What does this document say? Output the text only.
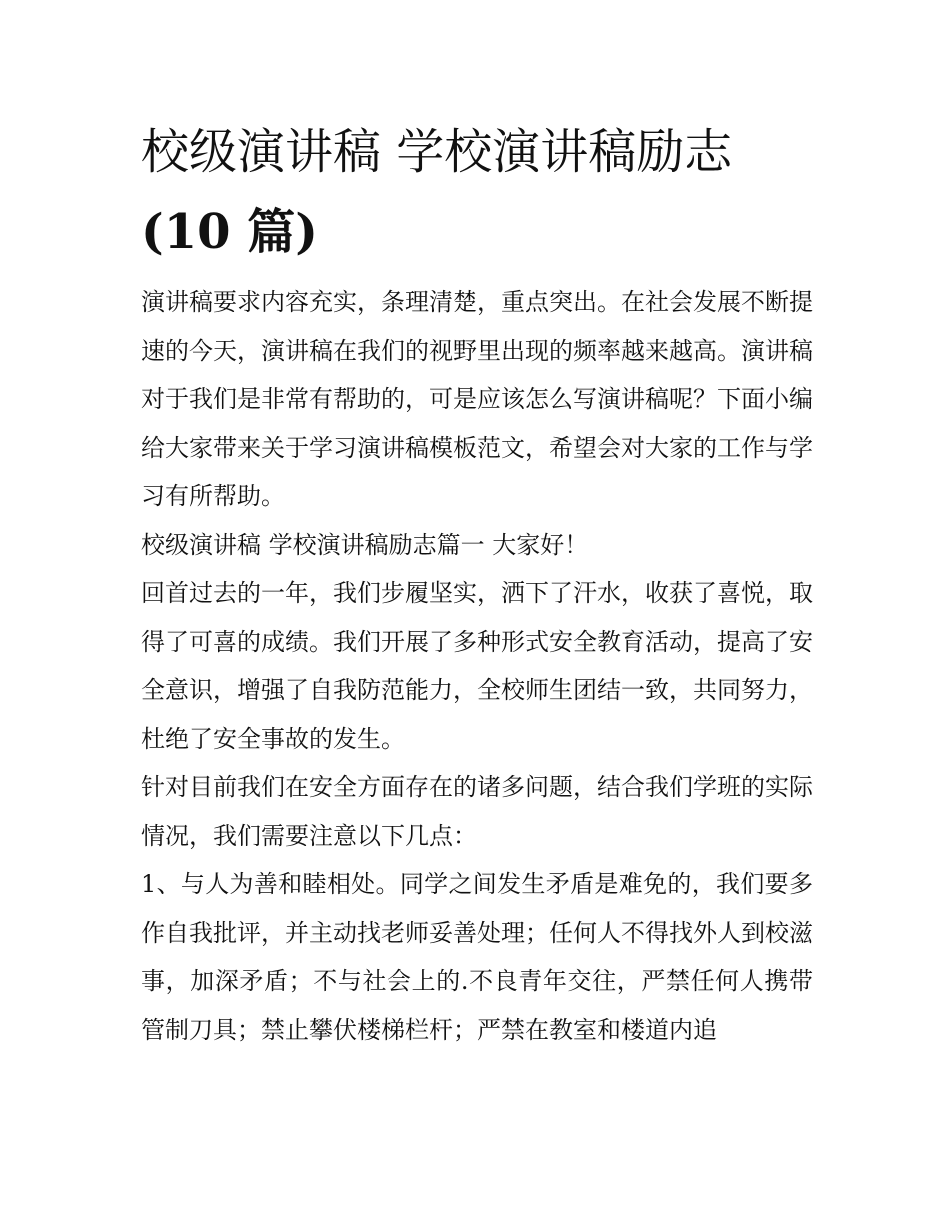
校级演讲稿 学校演讲稿励志
(10 篇)

演讲稿要求内容充实，条理清楚，重点突出。在社会发展不断提速的今天，演讲稿在我们的视野里出现的频率越来越高。演讲稿对于我们是非常有帮助的，可是应该怎么写演讲稿呢？下面小编给大家带来关于学习演讲稿模板范文，希望会对大家的工作与学习有所帮助。

校级演讲稿 学校演讲稿励志篇一 大家好！

回首过去的一年，我们步履坚实，洒下了汗水，收获了喜悦，取得了可喜的成绩。我们开展了多种形式安全教育活动，提高了安全意识，增强了自我防范能力，全校师生团结一致，共同努力，杜绝了安全事故的发生。

针对目前我们在安全方面存在的诸多问题，结合我们学班的实际情况，我们需要注意以下几点：

1、与人为善和睦相处。同学之间发生矛盾是难免的，我们要多作自我批评，并主动找老师妥善处理；任何人不得找外人到校滋事，加深矛盾；不与社会上的.不良青年交往，严禁任何人携带管制刀具；禁止攀伏楼梯栏杆；严禁在教室和楼道内追
